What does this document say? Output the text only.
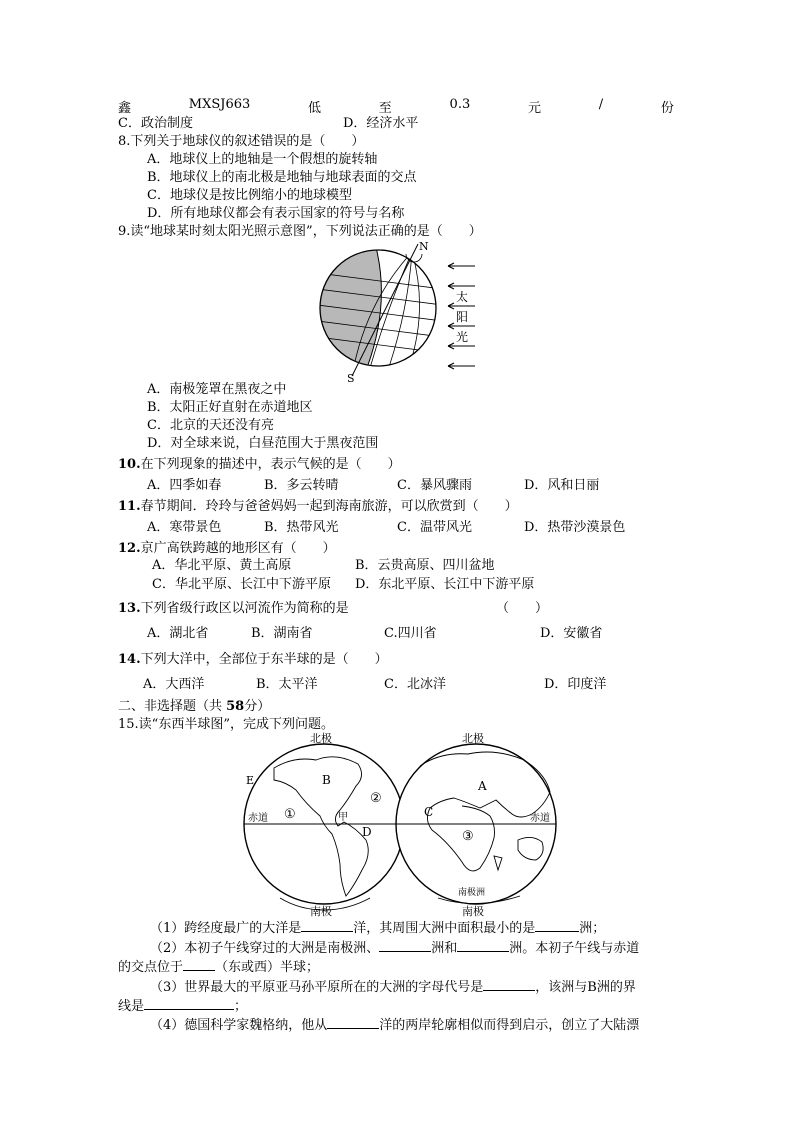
鑫	MXSJ663	低	至	0.3	元	/	份
C．政治制度	D．经济水平
8.下列关于地球仪的叙述错误的是（　　）
A．地球仪上的地轴是一个假想的旋转轴
B．地球仪上的南北极是地轴与地球表面的交点
C．地球仪是按比例缩小的地球模型
D．所有地球仪都会有表示国家的符号与名称
9.读“地球某时刻太阳光照示意图”，下列说法正确的是（　　）
N
S
太
阳
光
A．南极笼罩在黑夜之中
B．太阳正好直射在赤道地区
C．北京的天还没有亮
D．对全球来说，白昼范围大于黑夜范围
10.在下列现象的描述中，表示气候的是（　　）
A．四季如春	B．多云转晴	C．暴风骤雨	D．风和日丽
11.春节期间．玲玲与爸爸妈妈一起到海南旅游，可以欣赏到（　　）
A．寒带景色	B．热带风光	C．温带风光	D．热带沙漠景色
12.京广高铁跨越的地形区有（　　）
A．华北平原、黄土高原	B．云贵高原、四川盆地
C．华北平原、长江中下游平原 D．东北平原、长江中下游平原
13.下列省级行政区以河流作为简称的是	（　　）
A．湖北省	B．湖南省	C.四川省	D．安徽省
14.下列大洋中，全部位于东半球的是（　　）
A．大西洋	B．太平洋	C．北冰洋	D．印度洋
二、非选择题（共 58分）
15.读“东西半球图”，完成下列问题。
北极
南极
赤道
E	B
②
①	甲
D
北极
南极
赤道
A
C
③
南极洲
（1）跨经度最广的大洋是	洋，其周围大洲中面积最小的是	洲；
（2）本初子午线穿过的大洲是南极洲、	洲和	洲。本初子午线与赤道
的交点位于 （东或西）半球；
（3）世界最大的平原亚马孙平原所在的大洲的字母代号是	，该洲与B洲的界
线是	；
（4）德国科学家魏格纳，他从	洋的两岸轮廓相似而得到启示，创立了大陆漂
